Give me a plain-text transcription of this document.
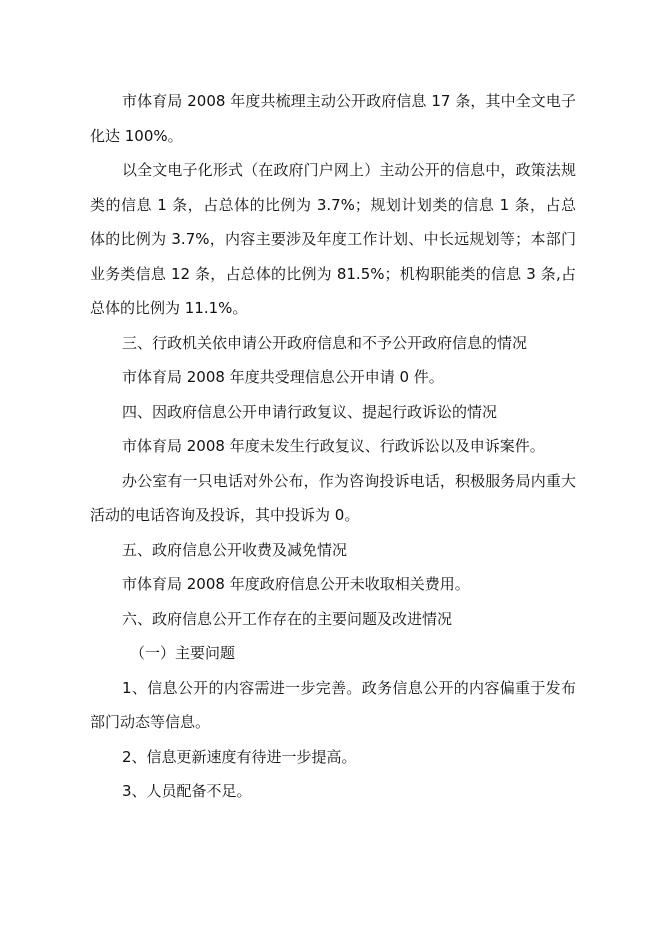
市体育局 2008 年度共梳理主动公开政府信息 17 条，其中全文电子化达 100%。

以全文电子化形式（在政府门户网上）主动公开的信息中，政策法规类的信息 1 条，占总体的比例为 3.7%；规划计划类的信息 1 条，占总体的比例为 3.7%，内容主要涉及年度工作计划、中长远规划等；本部门业务类信息 12 条，占总体的比例为 81.5%；机构职能类的信息 3 条,占总体的比例为 11.1%。

三、行政机关依申请公开政府信息和不予公开政府信息的情况

市体育局 2008 年度共受理信息公开申请 0 件。

四、因政府信息公开申请行政复议、提起行政诉讼的情况

市体育局 2008 年度未发生行政复议、行政诉讼以及申诉案件。

办公室有一只电话对外公布，作为咨询投诉电话，积极服务局内重大活动的电话咨询及投诉，其中投诉为 0。

五、政府信息公开收费及减免情况

市体育局 2008 年度政府信息公开未收取相关费用。

六、政府信息公开工作存在的主要问题及改进情况

（一）主要问题

1、信息公开的内容需进一步完善。政务信息公开的内容偏重于发布部门动态等信息。

2、信息更新速度有待进一步提高。

3、人员配备不足。
